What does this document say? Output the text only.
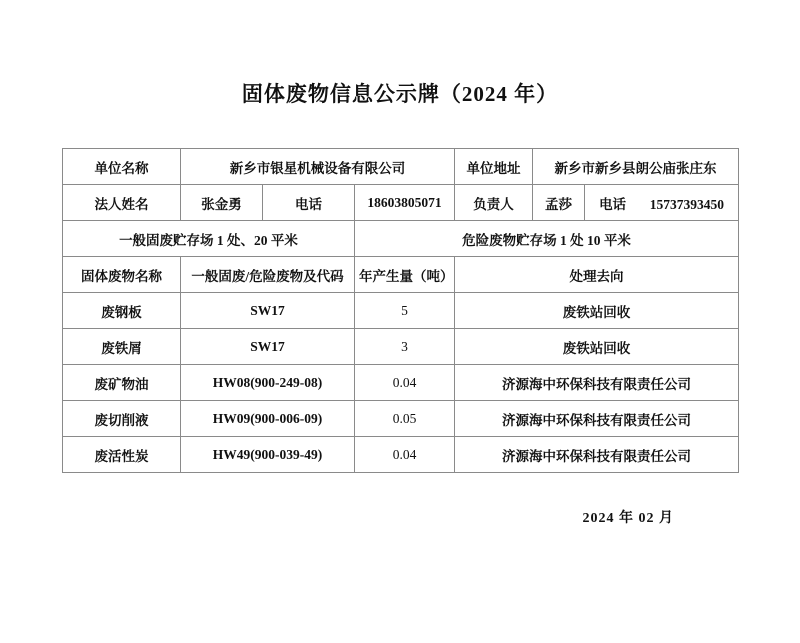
固体废物信息公示牌（2024 年）
单位名称	新乡市银星机械设备有限公司			单位地址	新乡市新乡县朗公庙张庄东	
法人姓名	张金勇	电话	18603805071	负责人	孟莎	电话 15737393450
一般固废贮存场 1 处、20 平米			危险废物贮存场 1 处 10 平米			
固体废物名称	一般固废/危险废物及代码		年产生量（吨）	处理去向		
废钢板	SW17		5	废铁站回收		
废铁屑	SW17		3	废铁站回收		
废矿物油	HW08(900-249-08)		0.04	济源海中环保科技有限责任公司		
废切削液	HW09(900-006-09)		0.05	济源海中环保科技有限责任公司		
废活性炭	HW49(900-039-49)		0.04	济源海中环保科技有限责任公司		
2024 年 02 月
